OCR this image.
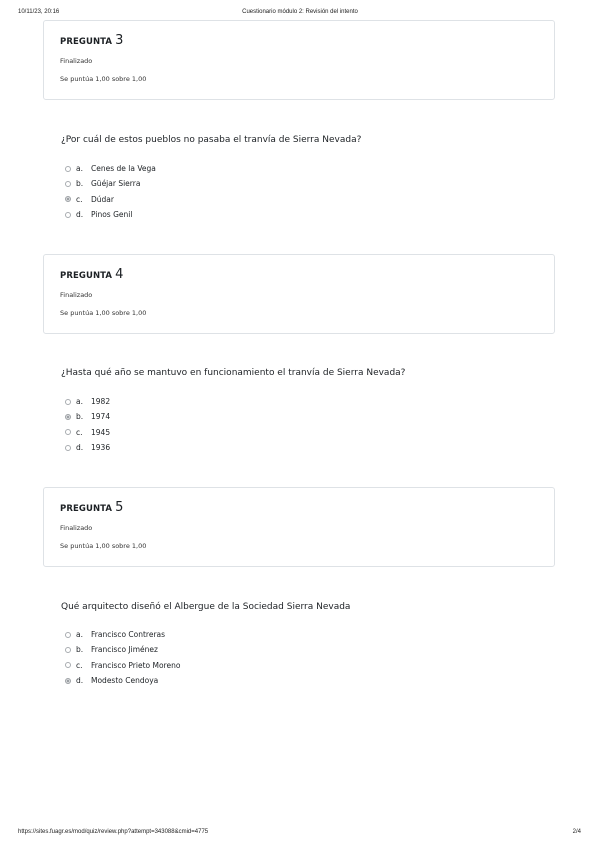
10/11/23, 20:16	Cuestionario módulo 2: Revisión del intento
PREGUNTA 3
Finalizado
Se puntúa 1,00 sobre 1,00
¿Por cuál de estos pueblos no pasaba el tranvía de Sierra Nevada?
a.	Cenes de la Vega
b.	Güéjar Sierra
c.	Dúdar
d.	Pinos Genil
PREGUNTA 4
Finalizado
Se puntúa 1,00 sobre 1,00
¿Hasta qué año se mantuvo en funcionamiento el tranvía de Sierra Nevada?
a.	1982
b.	1974
c.	1945
d.	1936
PREGUNTA 5
Finalizado
Se puntúa 1,00 sobre 1,00
Qué arquitecto diseñó el Albergue de la Sociedad Sierra Nevada
a.	Francisco Contreras
b.	Francisco Jiménez
c.	Francisco Prieto Moreno
d.	Modesto Cendoya
https://sites.fuagr.es/mod/quiz/review.php?attempt=343088&cmid=4775	2/4
